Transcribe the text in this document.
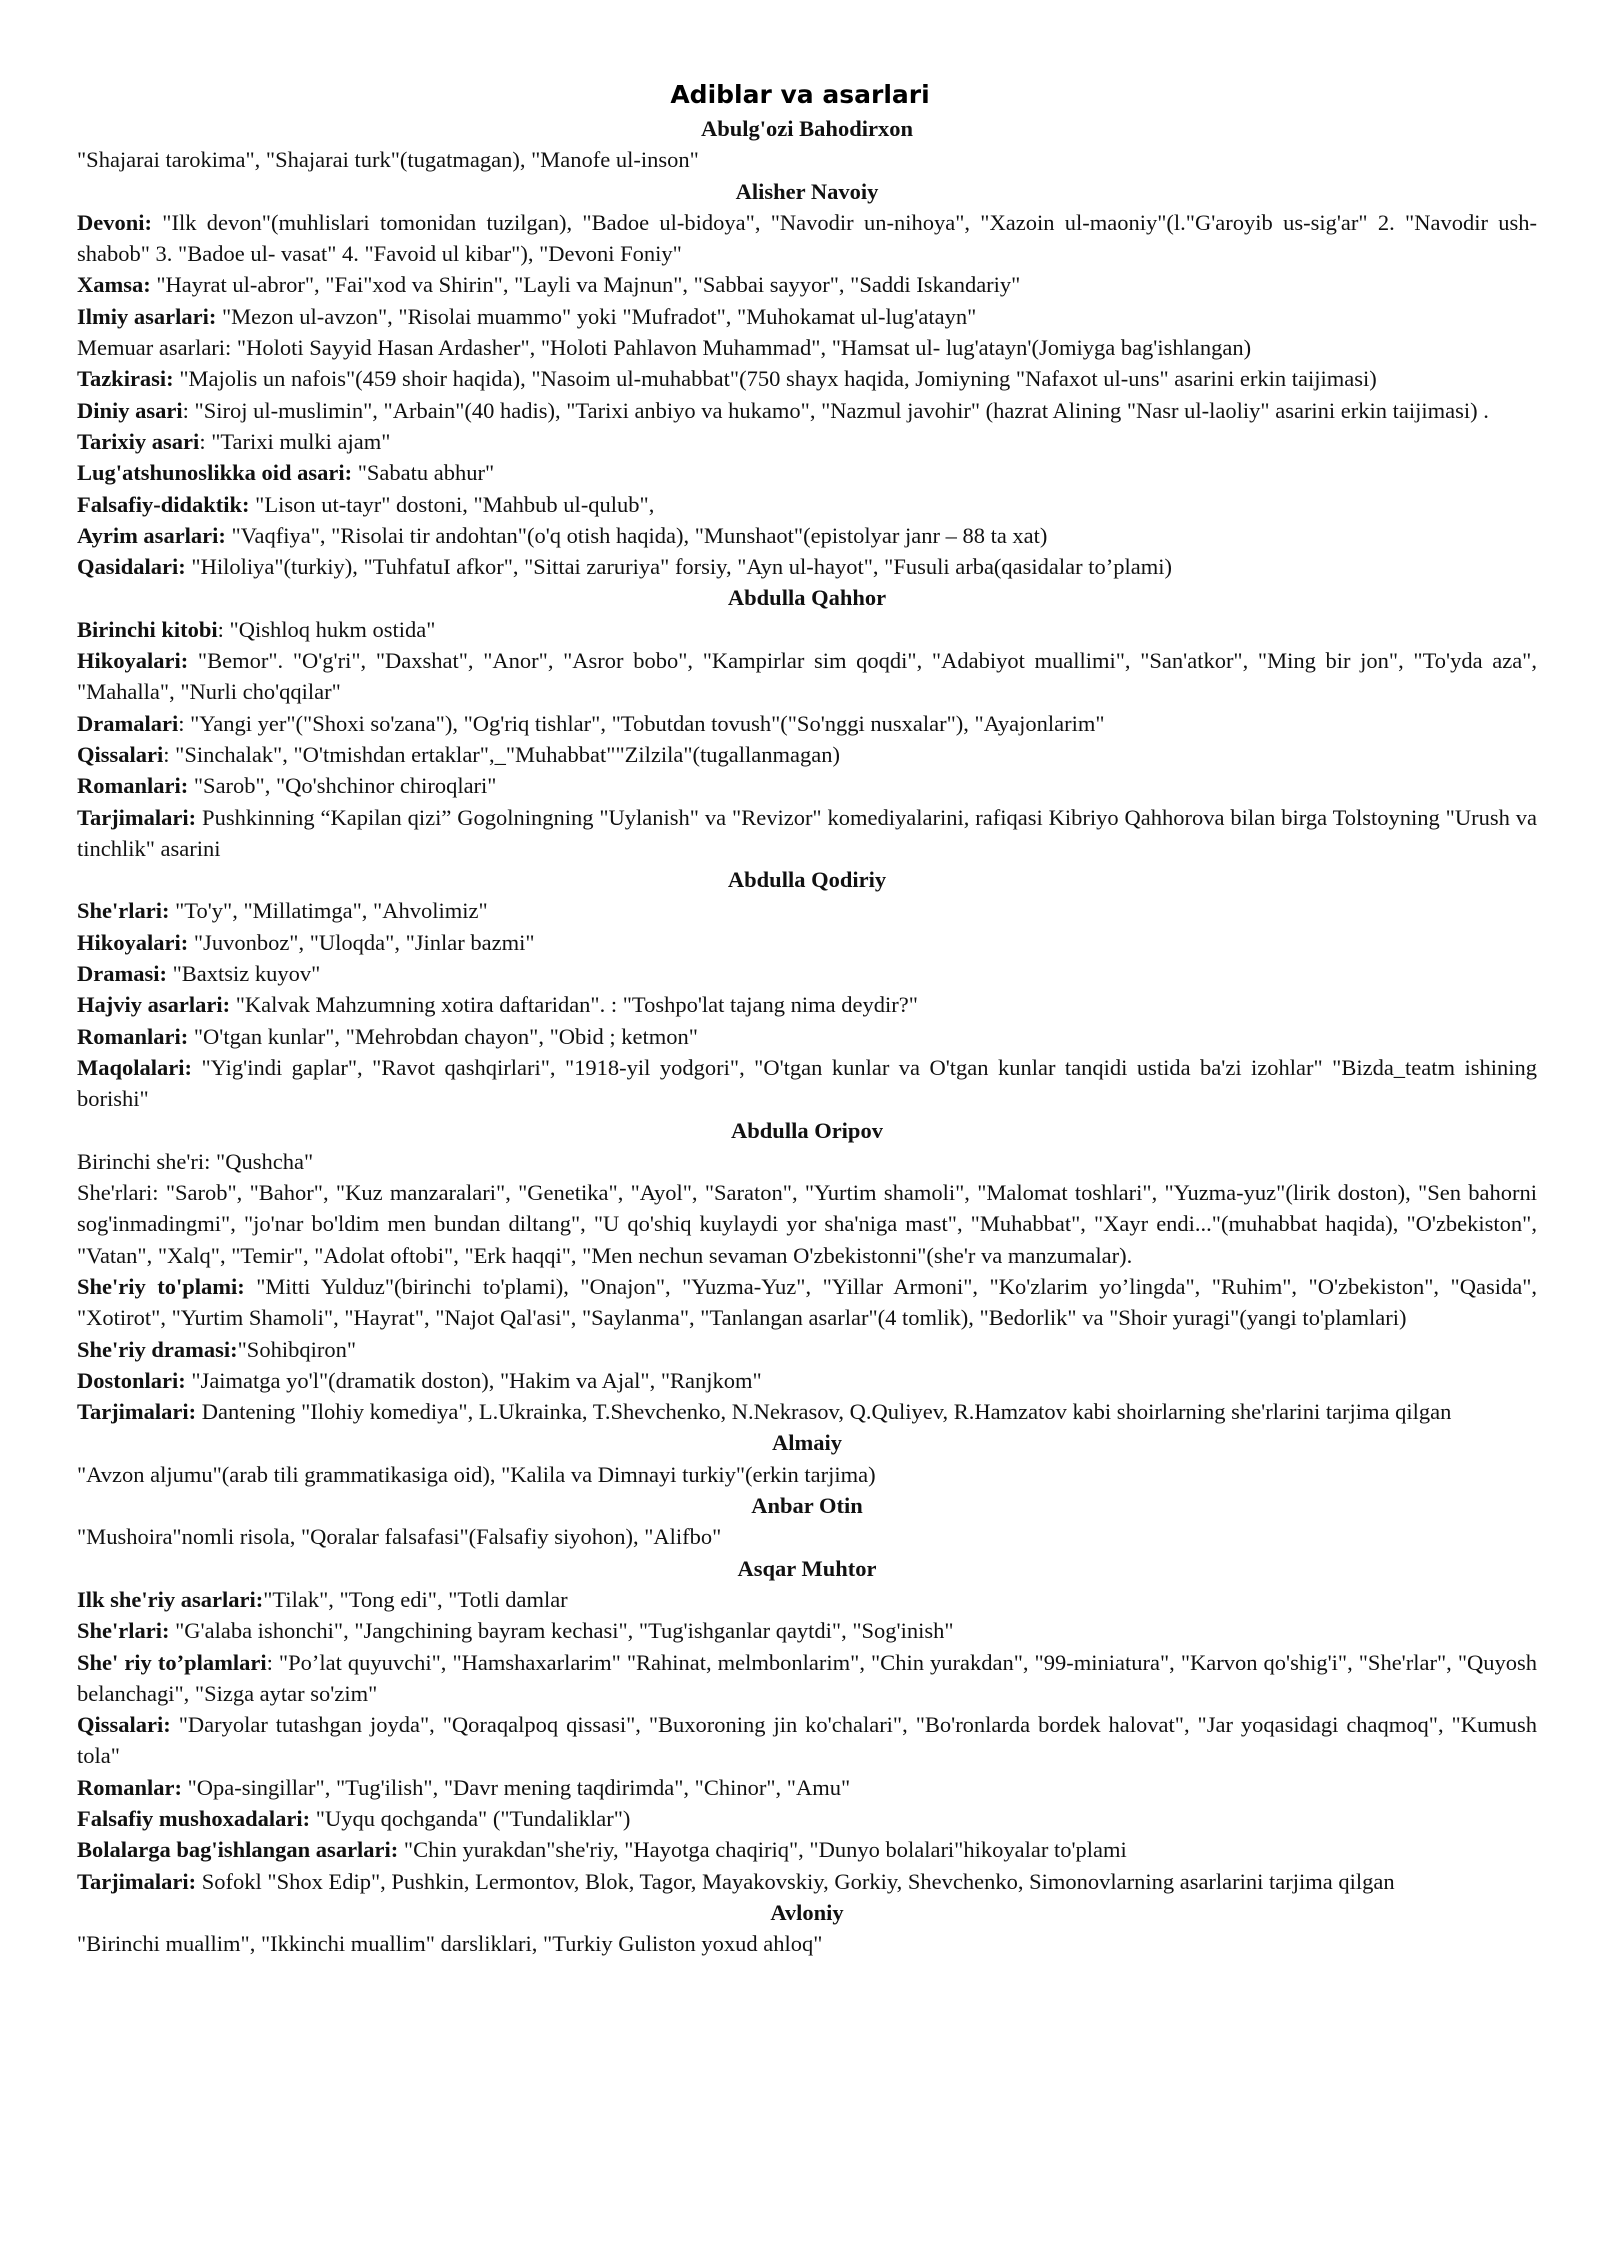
Adiblar va asarlari
Abulg'ozi Bahodirxon
"Shajarai tarokima", "Shajarai turk"(tugatmagan), "Manofe ul-inson"
Alisher Navoiy
Devoni: "Ilk devon"(muhlislari tomonidan tuzilgan), "Badoe ul-bidoya", "Navodir un-nihoya", "Xazoin ul-maoniy"(l."G'aroyib us-sig'ar" 2. "Navodir ush-shabob" 3. "Badoe ul- vasat" 4. "Favoid ul kibar"), "Devoni Foniy"
Xamsa: "Hayrat ul-abror", "Fai"xod va Shirin", "Layli va Majnun", "Sabbai sayyor", "Saddi Iskandariy"
Ilmiy asarlari: "Mezon ul-avzon", "Risolai muammo" yoki "Mufradot", "Muhokamat ul-lug'atayn"
Memuar asarlari: "Holoti Sayyid Hasan Ardasher", "Holoti Pahlavon Muhammad", "Hamsat ul- lug'atayn'(Jomiyga bag'ishlangan)
Tazkirasi: "Majolis un nafois"(459 shoir haqida), "Nasoim ul-muhabbat"(750 shayx haqida, Jomiyning "Nafaxot ul-uns" asarini erkin taijimasi)
Diniy asari: "Siroj ul-muslimin", "Arbain"(40 hadis), "Tarixi anbiyo va hukamo", "Nazmul javohir" (hazrat Alining "Nasr ul-laoliy" asarini erkin taijimasi) .
Tarixiy asari: "Tarixi mulki ajam"
Lug'atshunoslikka oid asari: "Sabatu abhur"
Falsafiy-didaktik: "Lison ut-tayr" dostoni, "Mahbub ul-qulub",
Ayrim asarlari: "Vaqfiya", "Risolai tir andohtan"(o'q otish haqida), "Munshaot"(epistolyar janr – 88 ta xat)
Qasidalari: "Hiloliya"(turkiy), "TuhfatuI afkor", "Sittai zaruriya" forsiy, "Ayn ul-hayot", "Fusuli arba(qasidalar to’plami)
Abdulla Qahhor
Birinchi kitobi: "Qishloq hukm ostida"
Hikoyalari: "Bemor". "O'g'ri", "Daxshat", "Anor", "Asror bobo", "Kampirlar sim qoqdi", "Adabiyot muallimi", "San'atkor", "Ming bir jon", "To'yda aza", "Mahalla", "Nurli cho'qqilar"
Dramalari: "Yangi yer"("Shoxi so'zana"), "Og'riq tishlar", "Tobutdan tovush"("So'nggi nusxalar"), "Ayajonlarim"
Qissalari: "Sinchalak", "O'tmishdan ertaklar",_"Muhabbat""Zilzila"(tugallanmagan)
Romanlari: "Sarob", "Qo'shchinor chiroqlari"
Tarjimalari: Pushkinning “Kapilan qizi” Gogolningning "Uylanish" va "Revizor" komediyalarini, rafiqasi Kibriyo Qahhorova bilan birga Tolstoyning "Urush va tinchlik" asarini
Abdulla Qodiriy
She'rlari: "To'y", "Millatimga", "Ahvolimiz"
Hikoyalari: "Juvonboz", "Uloqda", "Jinlar bazmi"
Dramasi: "Baxtsiz kuyov"
Hajviy asarlari: "Kalvak Mahzumning xotira daftaridan". : "Toshpo'lat tajang nima deydir?"
Romanlari: "O'tgan kunlar", "Mehrobdan chayon", "Obid ; ketmon"
Maqolalari: "Yig'indi gaplar", "Ravot qashqirlari", "1918-yil yodgori", "O'tgan kunlar va O'tgan kunlar tanqidi ustida ba'zi izohlar" "Bizda_teatm ishining borishi"
Abdulla Oripov
Birinchi she'ri: "Qushcha"
She'rlari: "Sarob", "Bahor", "Kuz manzaralari", "Genetika", "Ayol", "Saraton", "Yurtim shamoli", "Malomat toshlari", "Yuzma-yuz"(lirik doston), "Sen bahorni sog'inmadingmi", "jo'nar bo'ldim men bundan diltang", "U qo'shiq kuylaydi yor sha'niga mast", "Muhabbat", "Xayr endi..."(muhabbat haqida), "O'zbekiston", "Vatan", "Xalq", "Temir", "Adolat oftobi", "Erk haqqi", "Men nechun sevaman O'zbekistonni"(she'r va manzumalar).
She'riy to'plami: "Mitti Yulduz"(birinchi to'plami), "Onajon", "Yuzma-Yuz", "Yillar Armoni", "Ko'zlarim yo’lingda", "Ruhim", "O'zbekiston", "Qasida", "Xotirot", "Yurtim Shamoli", "Hayrat", "Najot Qal'asi", "Saylanma", "Tanlangan asarlar"(4 tomlik), "Bedorlik" va "Shoir yuragi"(yangi to'plamlari)
She'riy dramasi:"Sohibqiron"
Dostonlari: "Jaimatga yo'l"(dramatik doston), "Hakim va Ajal", "Ranjkom"
Tarjimalari: Dantening "Ilohiy komediya", L.Ukrainka, T.Shevchenko, N.Nekrasov, Q.Quliyev, R.Hamzatov kabi shoirlarning she'rlarini tarjima qilgan
Almaiy
"Avzon aljumu"(arab tili grammatikasiga oid), "Kalila va Dimnayi turkiy"(erkin tarjima)
Anbar Otin
"Mushoira"nomli risola, "Qoralar falsafasi"(Falsafiy siyohon), "Alifbo"
Asqar Muhtor
Ilk she'riy asarlari:"Tilak", "Tong edi", "Totli damlar
She'rlari: "G'alaba ishonchi", "Jangchining bayram kechasi", "Tug'ishganlar qaytdi", "Sog'inish"
She' riy to’plamlari: "Po’lat quyuvchi", "Hamshaxarlarim" "Rahinat, melmbonlarim", "Chin yurakdan", "99-miniatura", "Karvon qo'shig'i", "She'rlar", "Quyosh belanchagi", "Sizga aytar so'zim"
Qissalari: "Daryolar tutashgan joyda", "Qoraqalpoq qissasi", "Buxoroning jin ko'chalari", "Bo'ronlarda bordek halovat", "Jar yoqasidagi chaqmoq", "Kumush tola"
Romanlar: "Opa-singillar", "Tug'ilish", "Davr mening taqdirimda", "Chinor", "Amu"
Falsafiy mushoxadalari: "Uyqu qochganda" ("Tundaliklar")
Bolalarga bag'ishlangan asarlari: "Chin yurakdan"she'riy, "Hayotga chaqiriq", "Dunyo bolalari"hikoyalar to'plami
Tarjimalari: Sofokl "Shox Edip", Pushkin, Lermontov, Blok, Tagor, Mayakovskiy, Gorkiy, Shevchenko, Simonovlarning asarlarini tarjima qilgan
Avloniy
"Birinchi muallim", "Ikkinchi muallim" darsliklari, "Turkiy Guliston yoxud ahloq"
